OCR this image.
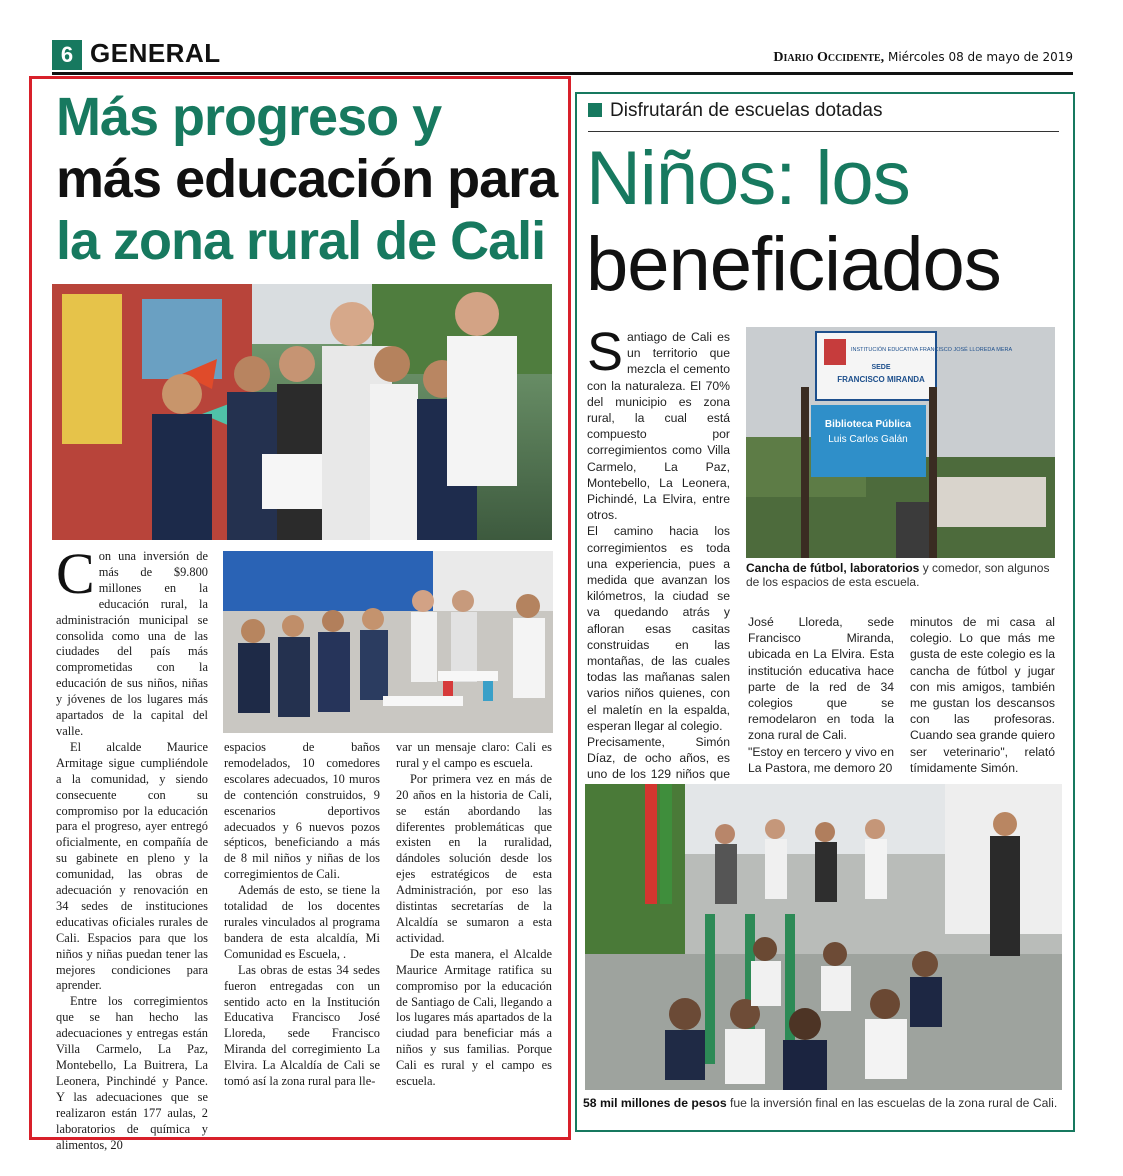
6 GENERAL	Diario Occidente, Miércoles 08 de mayo de 2019
Más progreso y
más educación para
la zona rural de Cali
C on una inversión de más de $9.800 millones en la educación rural, la administración municipal se consolida como una de las ciudades del país más comprometidas con la educación de sus niños, niñas y jóvenes de los lugares más apartados de la capital del valle.

El alcalde Maurice Armitage sigue cumpliéndole a la comunidad, y siendo consecuente con su compromiso por la educación para el progreso, ayer entregó oficialmente, en compañía de su gabinete en pleno y la comunidad, las obras de adecuación y renovación en 34 sedes de instituciones educativas oficiales rurales de Cali. Espacios para que los niños y niñas puedan tener las mejores condiciones para aprender.

Entre los corregimientos que se han hecho las adecuaciones y entregas están Villa Carmelo, La Paz, Montebello, La Buitrera, La Leonera, Pinchindé y Pance. Y las adecuaciones que se realizaron están 177 aulas, 2 laboratorios de química y alimentos, 20

espacios de baños remodelados, 10 comedores escolares adecuados, 10 muros de contención construidos, 9 escenarios deportivos adecuados y 6 nuevos pozos sépticos, beneficiando a más de 8 mil niños y niñas de los corregimientos de Cali.

Además de esto, se tiene la totalidad de los docentes rurales vinculados al programa bandera de esta alcaldía, Mi Comunidad es Escuela, .

Las obras de estas 34 sedes fueron entregadas con un sentido acto en la Institución Educativa Francisco José Lloreda, sede Francisco Miranda del corregimiento La Elvira. La Alcaldía de Cali se tomó así la zona rural para lle-

var un mensaje claro: Cali es rural y el campo es escuela.

Por primera vez en más de 20 años en la historia de Cali, se están abordando las diferentes problemáticas que existen en la ruralidad, dándoles solución desde los ejes estratégicos de esta Administración, por eso las distintas secretarías de la Alcaldía se sumaron a esta actividad.

De esta manera, el Alcalde Maurice Armitage ratifica su compromiso por la educación de Santiago de Cali, llegando a los lugares más apartados de la ciudad para beneficiar más a niños y sus familias. Porque Cali es rural y el campo es escuela.

Disfrutarán de escuelas dotadas
Niños: los
beneficiados
S antiago de Cali es un territorio que mezcla el cemento con la naturaleza. El 70% del municipio es zona rural, la cual está compuesto por corregimientos como Villa Carmelo, La Paz, Montebello, La Leonera, Pichindé, La Elvira, entre otros.

El camino hacia los corregimientos es toda una experiencia, pues a medida que avanzan los kilómetros, la ciudad se va quedando atrás y afloran esas casitas construidas en las montañas, de las cuales todas las mañanas salen varios niños quienes, con el maletín en la espalda, esperan llegar al colegio.

Precisamente, Simón Díaz, de ocho años, es uno de los 129 niños que

INSTITUCIÓN EDUCATIVA FRANCISCO JOSÉ LLOREDA MERA
SEDE
FRANCISCO MIRANDA
Biblioteca Pública
Luis Carlos Galán
Cancha de fútbol, laboratorios y comedor, son algunos de los espacios de esta escuela.

José Lloreda, sede Francisco Miranda, ubicada en La Elvira. Esta institución educativa hace parte de la red de 34 colegios que se remodelaron en toda la zona rural de Cali.

"Estoy en tercero y vivo en La Pastora, me demoro 20

minutos de mi casa al colegio. Lo que más me gusta de este colegio es la cancha de fútbol y jugar con mis amigos, también me gustan los descansos con las profesoras. Cuando sea grande quiero ser veterinario", relató tímidamente Simón.

58 mil millones de pesos fue la inversión final en las escuelas de la zona rural de Cali.
